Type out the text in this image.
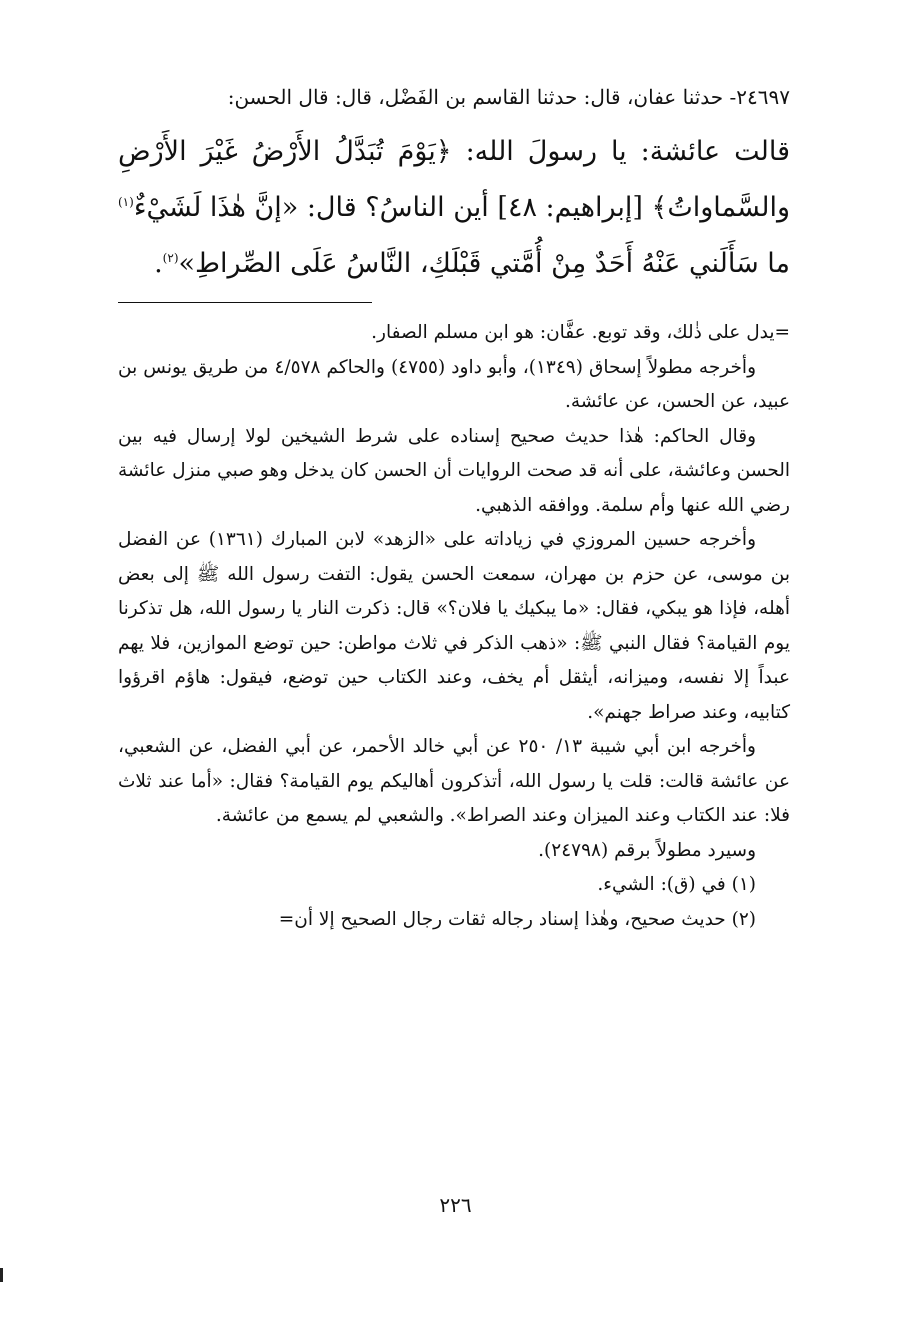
٢٤٦٩٧- حدثنا عفان، قال: حدثنا القاسم بن الفَضْل، قال: قال الحسن:

قالت عائشة: يا رسولَ الله: ﴿يَوْمَ تُبَدَّلُ الأَرْضُ غَيْرَ الأَرْضِ والسَّماواتُ﴾ [إبراهيم: ٤٨] أين الناسُ؟ قال: «إنَّ هٰذَا لَشَيْءٌ$^{(١)}$ ما سَأَلَني عَنْهُ أَحَدٌ مِنْ أُمَّتي قَبْلَكِ، النَّاسُ عَلَى الصِّراطِ»$^{(٢)}$.

=يدل على ذٰلك، وقد توبع. عفَّان: هو ابن مسلم الصفار.

وأخرجه مطولاً إسحاق (١٣٤٩)، وأبو داود (٤٧٥٥) والحاكم ٤/٥٧٨ من طريق يونس بن عبيد، عن الحسن، عن عائشة.

وقال الحاكم: هٰذا حديث صحيح إسناده على شرط الشيخين لولا إرسال فيه بين الحسن وعائشة، على أنه قد صحت الروايات أن الحسن كان يدخل وهو صبي منزل عائشة رضي الله عنها وأم سلمة. ووافقه الذهبي.

وأخرجه حسين المروزي في زياداته على «الزهد» لابن المبارك (١٣٦١) عن الفضل بن موسى، عن حزم بن مهران، سمعت الحسن يقول: التفت رسول الله ﷺ إلى بعض أهله، فإذا هو يبكي، فقال: «ما يبكيك يا فلان؟» قال: ذكرت النار يا رسول الله، هل تذكرنا يوم القيامة؟ فقال النبي ﷺ: «ذهب الذكر في ثلاث مواطن: حين توضع الموازين، فلا يهم عبداً إلا نفسه، وميزانه، أيثقل أم يخف، وعند الكتاب حين توضع، فيقول: هاؤم اقرؤوا كتابيه، وعند صراط جهنم».

وأخرجه ابن أبي شيبة ١٣/ ٢٥٠ عن أبي خالد الأحمر، عن أبي الفضل، عن الشعبي، عن عائشة قالت: قلت يا رسول الله، أتذكرون أهاليكم يوم القيامة؟ فقال: «أما عند ثلاث فلا: عند الكتاب وعند الميزان وعند الصراط». والشعبي لم يسمع من عائشة.

وسيرد مطولاً برقم (٢٤٧٩٨).

(١) في (ق): الشيء.

(٢) حديث صحيح، وهٰذا إسناد رجاله ثقات رجال الصحيح إلا أن=

٢٢٦
